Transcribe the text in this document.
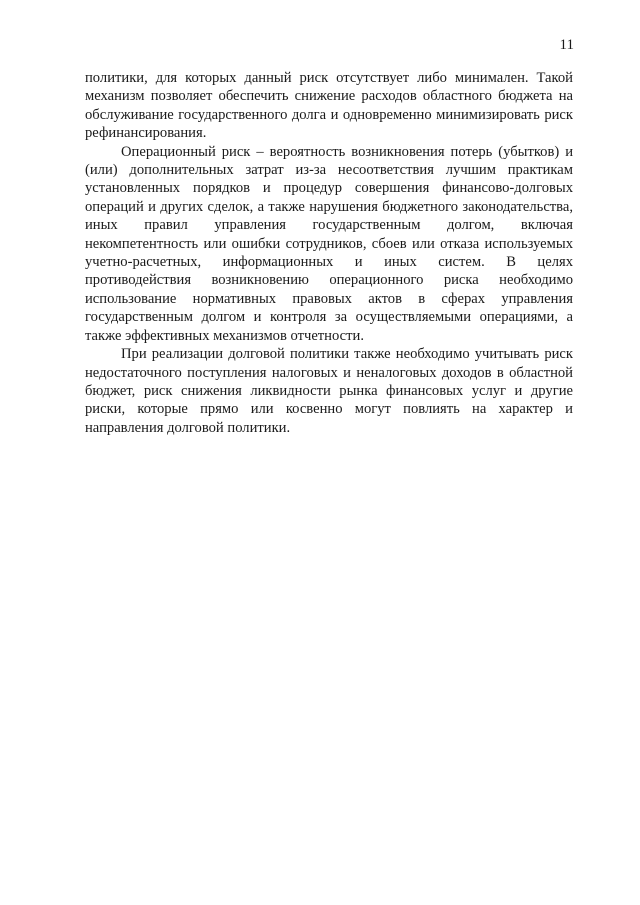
11

политики, для которых данный риск отсутствует либо минимален. Такой механизм позволяет обеспечить снижение расходов областного бюджета на обслуживание государственного долга и одновременно минимизировать риск рефинансирования.

Операционный риск – вероятность возникновения потерь (убытков) и (или) дополнительных затрат из-за несоответствия лучшим практикам установленных порядков и процедур совершения финансово-долговых операций и других сделок, а также нарушения бюджетного законодательства, иных правил управления государственным долгом, включая некомпетентность или ошибки сотрудников, сбоев или отказа используемых учетно-расчетных, информационных и иных систем. В целях противодействия возникновению операционного риска необходимо использование нормативных правовых актов в сферах управления государственным долгом и контроля за осуществляемыми операциями, а также эффективных механизмов отчетности.

При реализации долговой политики также необходимо учитывать риск недостаточного поступления налоговых и неналоговых доходов в областной бюджет, риск снижения ликвидности рынка финансовых услуг и другие риски, которые прямо или косвенно могут повлиять на характер и направления долговой политики.
